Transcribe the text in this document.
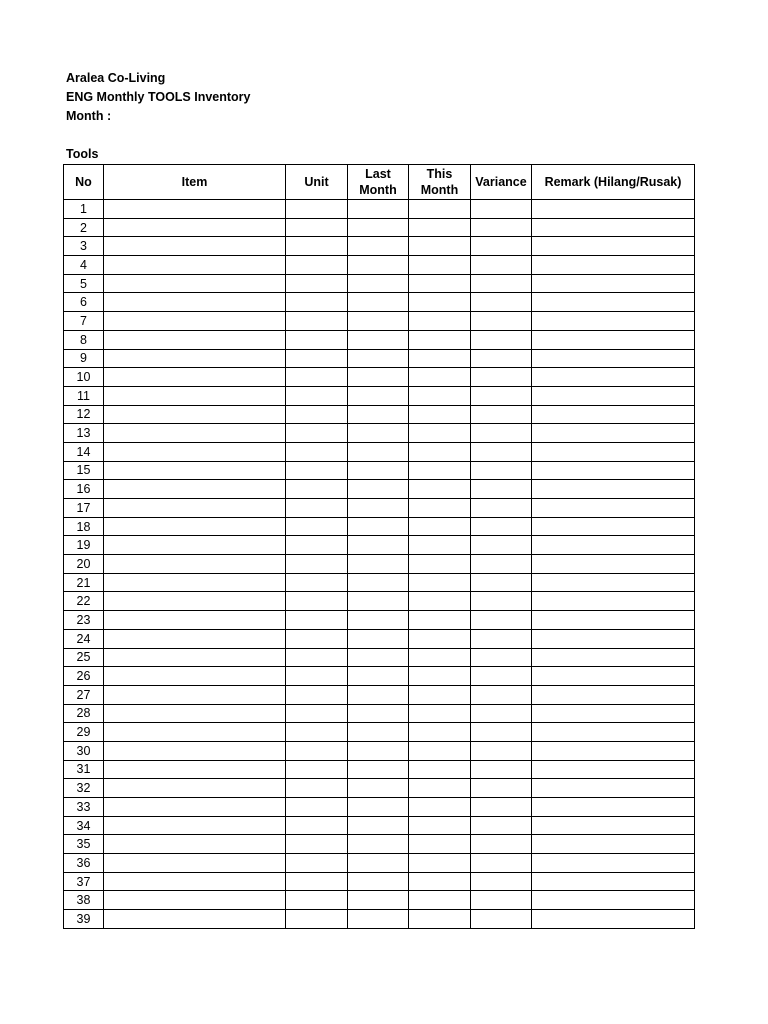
Aralea Co-Living
ENG Monthly TOOLS Inventory
Month :
Tools
No	Item	Unit	Last Month	This Month	Variance	Remark (Hilang/Rusak)
1						
2						
3						
4						
5						
6						
7						
8						
9						
10						
11						
12						
13						
14						
15						
16						
17						
18						
19						
20						
21						
22						
23						
24						
25						
26						
27						
28						
29						
30						
31						
32						
33						
34						
35						
36						
37						
38						
39						
